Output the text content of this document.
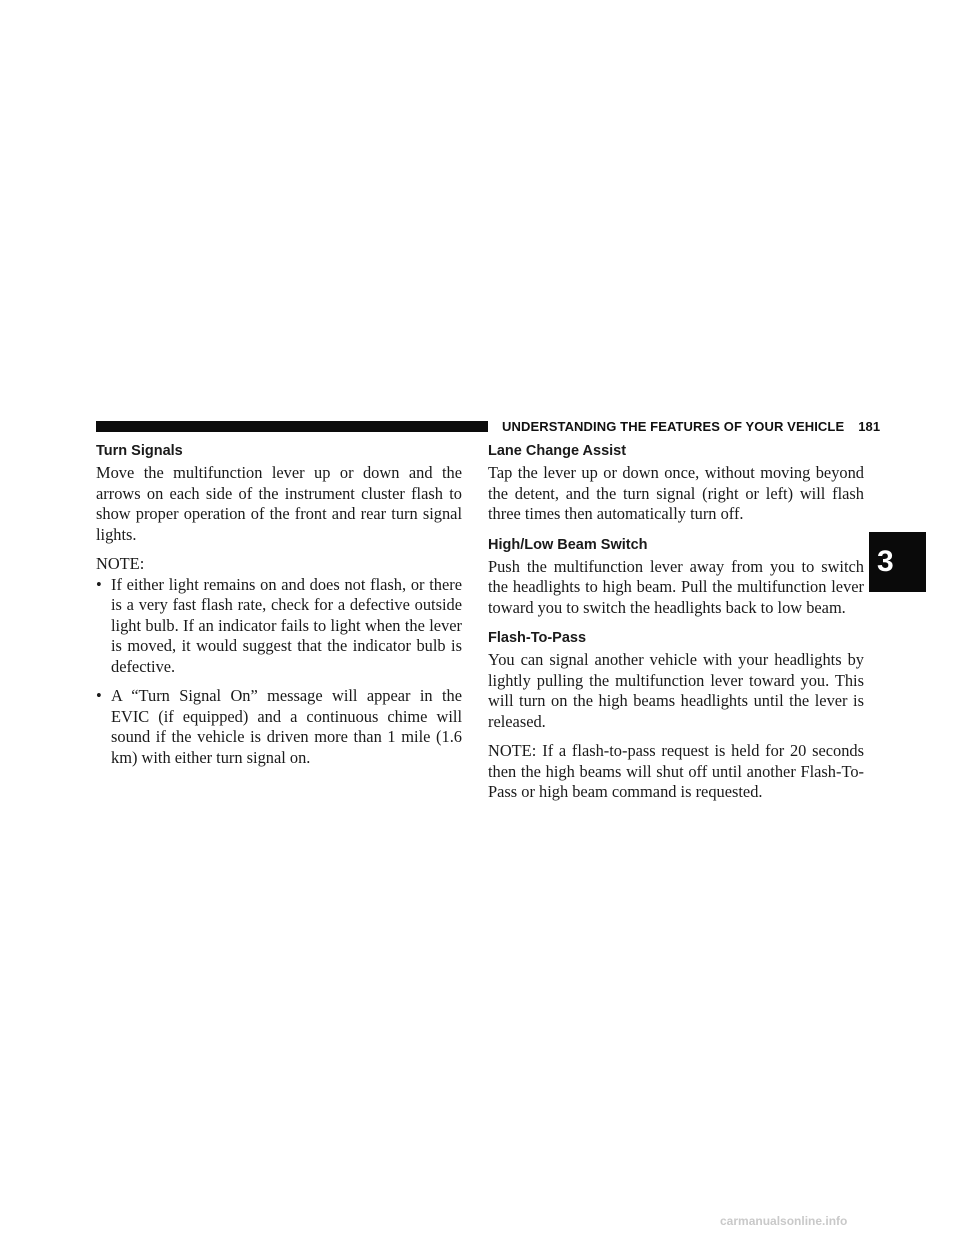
UNDERSTANDING THE FEATURES OF YOUR VEHICLE 181
Turn Signals

Move the multifunction lever up or down and the arrows on each side of the instrument cluster flash to show proper operation of the front and rear turn signal lights.

NOTE:

• If either light remains on and does not flash, or there is a very fast flash rate, check for a defective outside light bulb. If an indicator fails to light when the lever is moved, it would suggest that the indicator bulb is defective.
• A “Turn Signal On” message will appear in the EVIC (if equipped) and a continuous chime will sound if the vehicle is driven more than 1 mile (1.6 km) with either turn signal on.
Lane Change Assist

Tap the lever up or down once, without moving beyond the detent, and the turn signal (right or left) will flash three times then automatically turn off.

High/Low Beam Switch

Push the multifunction lever away from you to switch the headlights to high beam. Pull the multifunction lever toward you to switch the headlights back to low beam.

Flash-To-Pass

You can signal another vehicle with your headlights by lightly pulling the multifunction lever toward you. This will turn on the high beams headlights until the lever is released.

NOTE: If a flash-to-pass request is held for 20 seconds then the high beams will shut off until another Flash-To-Pass or high beam command is requested.

3
carmanualsonline.info
